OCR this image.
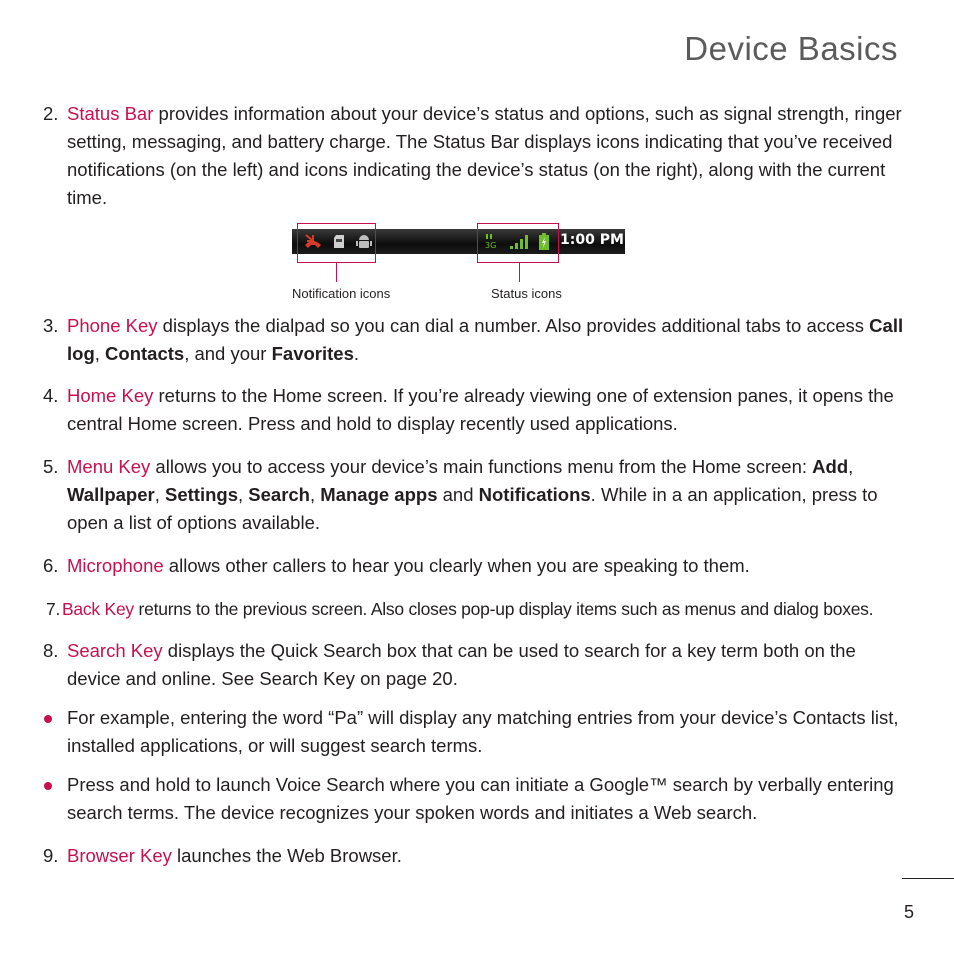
Device Basics
2. Status Bar provides information about your device’s status and options, such as signal strength, ringer setting, messaging, and battery charge. The Status Bar displays icons indicating that you’ve received notifications (on the left) and icons indicating the device’s status (on the right), along with the current time.
3G	1:00 PM
Notification icons	Status icons
3. Phone Key displays the dialpad so you can dial a number. Also provides additional tabs to access Call log, Contacts, and your Favorites.
4. Home Key returns to the Home screen. If you’re already viewing one of extension panes, it opens the central Home screen. Press and hold to display recently used applications.
5. Menu Key allows you to access your device’s main functions menu from the Home screen: Add, Wallpaper, Settings, Search, Manage apps and Notifications. While in a an application, press to open a list of options available.
6. Microphone allows other callers to hear you clearly when you are speaking to them.
7. Back Key returns to the previous screen. Also closes pop-up display items such as menus and dialog boxes.
8. Search Key displays the Quick Search box that can be used to search for a key term both on the device and online. See Search Key on page 20.
For example, entering the word “Pa” will display any matching entries from your device’s Contacts list, installed applications, or will suggest search terms.
Press and hold to launch Voice Search where you can initiate a Google™ search by verbally entering search terms. The device recognizes your spoken words and initiates a Web search.
9. Browser Key launches the Web Browser.
5
